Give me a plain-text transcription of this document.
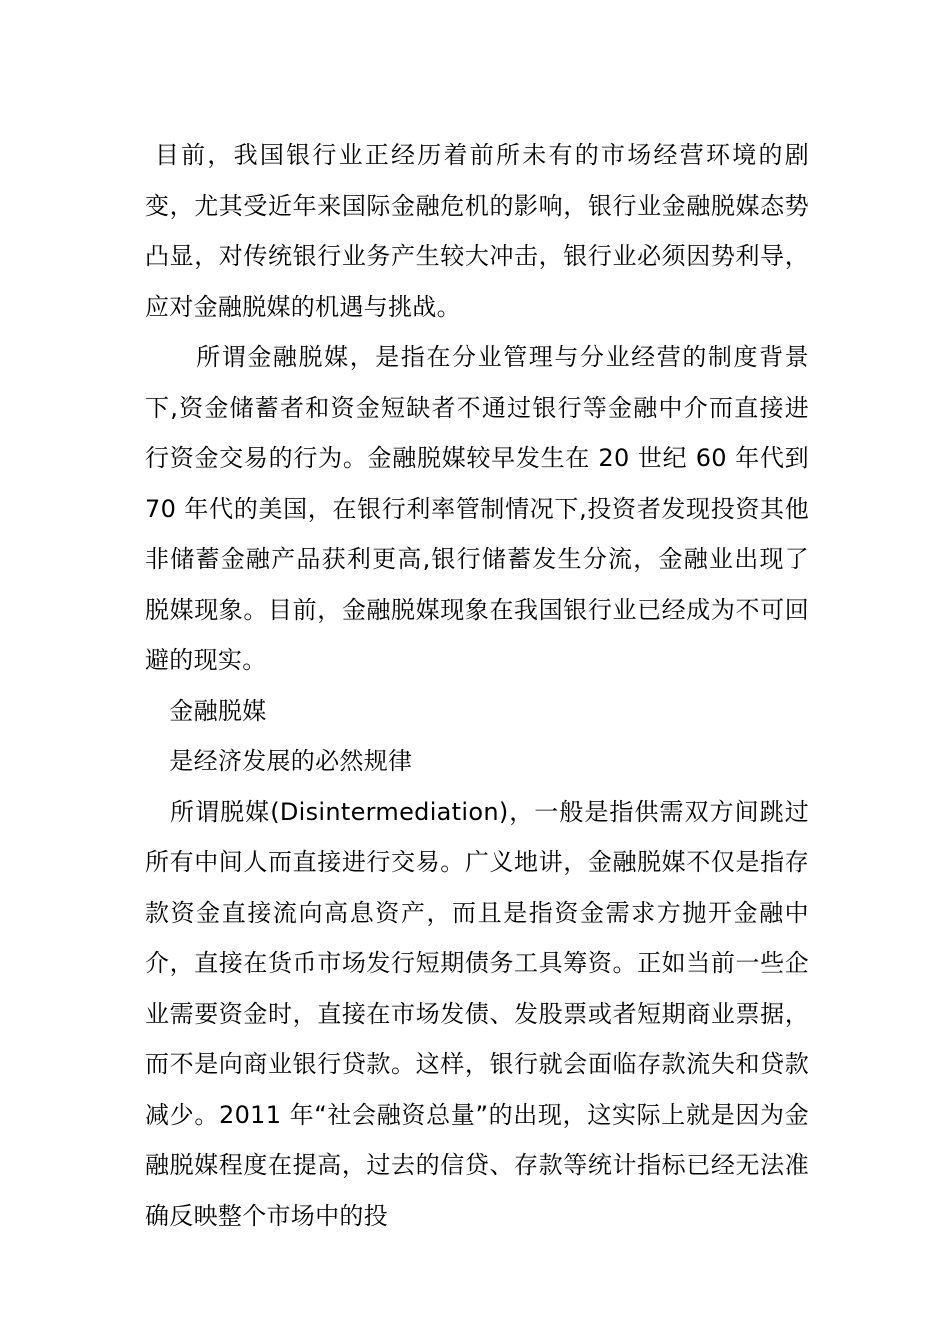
目前，我国银行业正经历着前所未有的市场经营环境的剧变，尤其受近年来国际金融危机的影响，银行业金融脱媒态势凸显，对传统银行业务产生较大冲击，银行业必须因势利导，应对金融脱媒的机遇与挑战。

　　所谓金融脱媒，是指在分业管理与分业经营的制度背景下,资金储蓄者和资金短缺者不通过银行等金融中介而直接进行资金交易的行为。金融脱媒较早发生在 20 世纪 60 年代到 70 年代的美国，在银行利率管制情况下,投资者发现投资其他非储蓄金融产品获利更高,银行储蓄发生分流，金融业出现了脱媒现象。目前，金融脱媒现象在我国银行业已经成为不可回避的现实。

　金融脱媒

　是经济发展的必然规律

　所谓脱媒(Disintermediation)，一般是指供需双方间跳过所有中间人而直接进行交易。广义地讲，金融脱媒不仅是指存款资金直接流向高息资产，而且是指资金需求方抛开金融中介，直接在货币市场发行短期债务工具筹资。正如当前一些企业需要资金时，直接在市场发债、发股票或者短期商业票据，而不是向商业银行贷款。这样，银行就会面临存款流失和贷款减少。2011 年“社会融资总量”的出现，这实际上就是因为金融脱媒程度在提高，过去的信贷、存款等统计指标已经无法准确反映整个市场中的投
